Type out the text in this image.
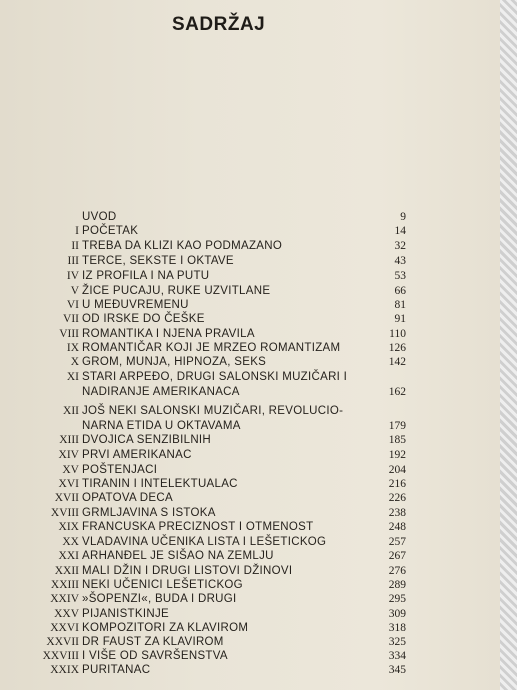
SADRŽAJ
UVOD	9
I POČETAK	14
II TREBA DA KLIZI KAO PODMAZANO	32
III TERCE, SEKSTE I OKTAVE	43
IV IZ PROFILA I NA PUTU	53
V ŽICE PUCAJU, RUKE UZVITLANE	66
VI U MEĐUVREMENU	81
VII OD IRSKE DO ČEŠKE	91
VIII ROMANTIKA I NJENA PRAVILA	110
IX ROMANTIČAR KOJI JE MRZEO ROMANTIZAM	126
X GROM, MUNJA, HIPNOZA, SEKS	142
XI STARI ARPEĐO, DRUGI SALONSKI MUZIČARI I
NADIRANJE AMERIKANACA	162
XII JOŠ NEKI SALONSKI MUZIČARI, REVOLUCIO-
NARNA ETIDA U OKTAVAMA	179
XIII DVOJICA SENZIBILNIH	185
XIV PRVI AMERIKANAC	192
XV POŠTENJACI	204
XVI TIRANIN I INTELEKTUALAC	216
XVII OPATOVA DECA	226
XVIII GRMLJAVINA S ISTOKA	238
XIX FRANCUSKA PRECIZNOST I OTMENOST	248
XX VLADAVINA UČENIKA LISTA I LEŠETICKOG	257
XXI ARHANĐEL JE SIŠAO NA ZEMLJU	267
XXII MALI DŽIN I DRUGI LISTOVI DŽINOVI	276
XXIII NEKI UČENICI LEŠETICKOG	289
XXIV »ŠOPENZI«, BUDA I DRUGI	295
XXV PIJANISTKINJE	309
XXVI KOMPOZITORI ZA KLAVIROM	318
XXVII DR FAUST ZA KLAVIROM	325
XXVIII I VIŠE OD SAVRŠENSTVA	334
XXIX PURITANAC	345
